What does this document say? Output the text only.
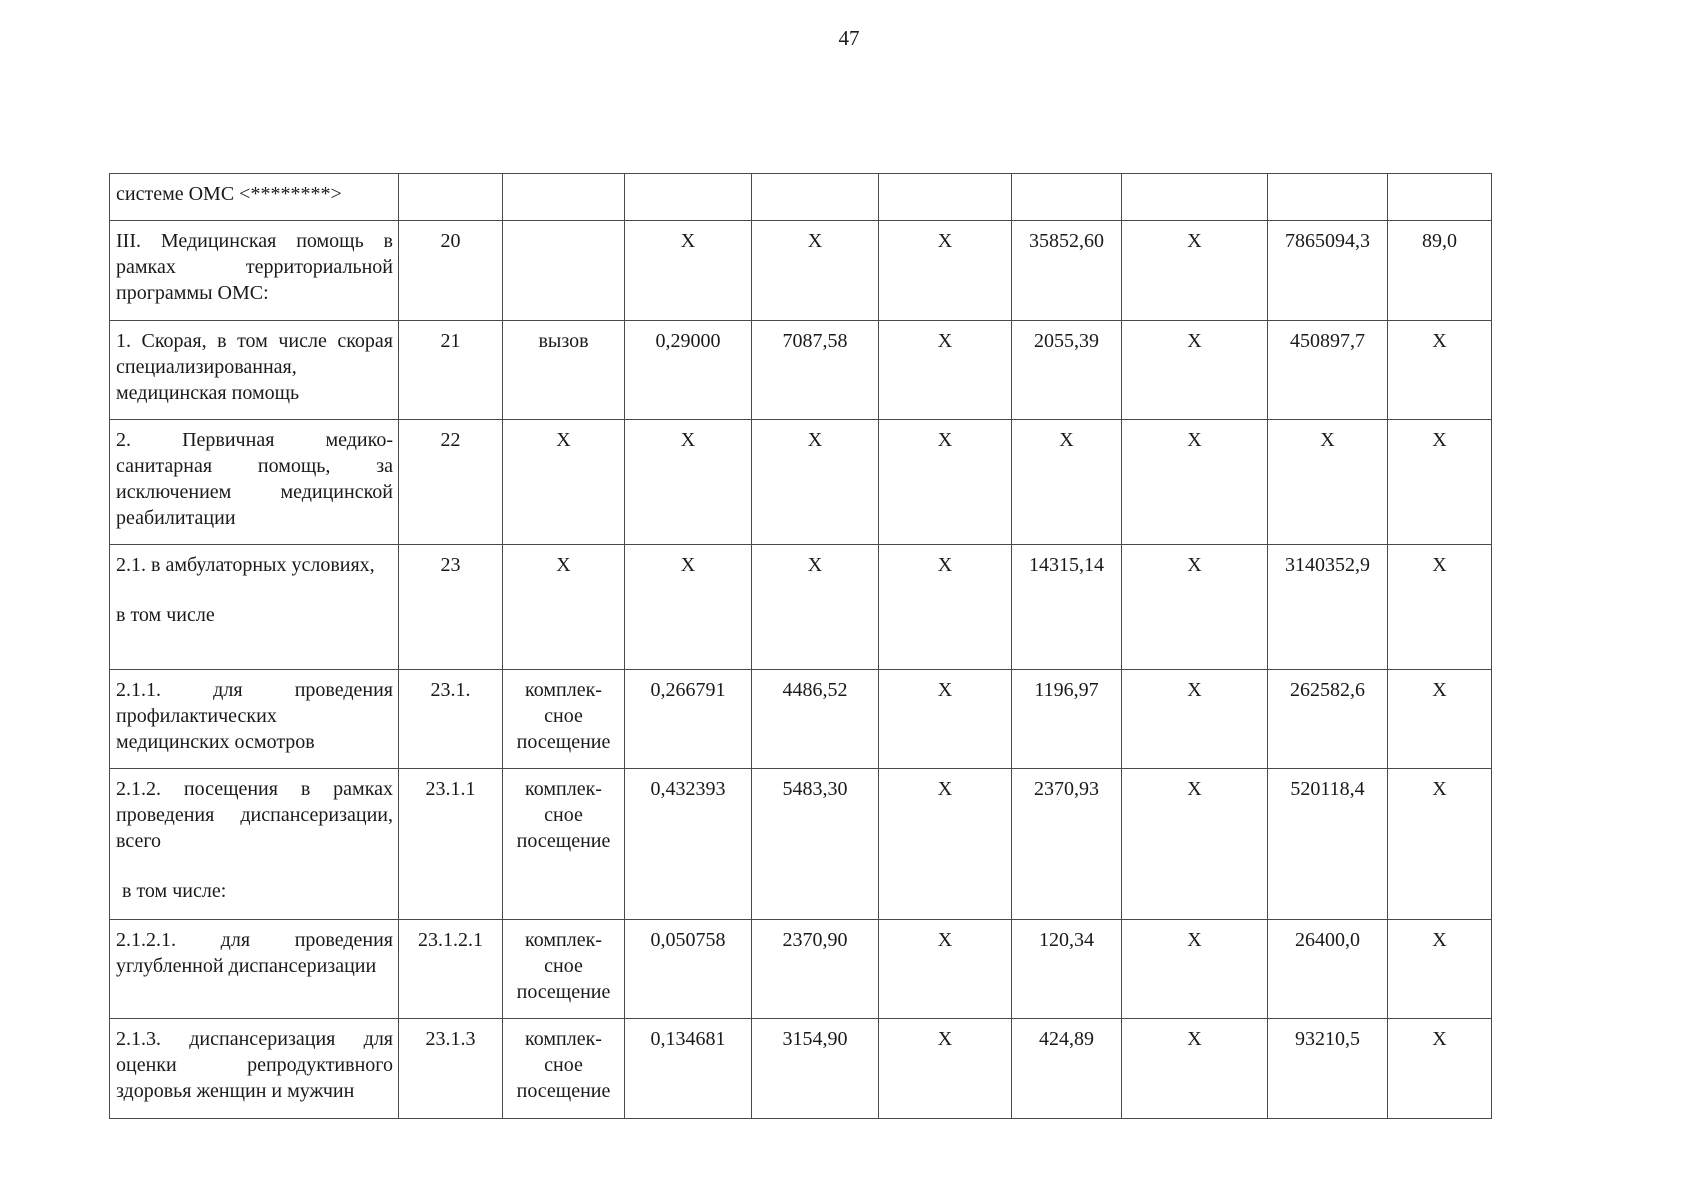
47
системе ОМС <********>									
III. Медицинская помощь в рамках территориальной программы ОМС:	20		Х	Х	Х	35852,60	Х	7865094,3	89,0
1. Скорая, в том числе скорая специализированная, медицинская помощь	21	вызов	0,29000	7087,58	Х	2055,39	Х	450897,7	Х
2. Первичная медико-санитарная помощь, за исключением медицинской реабилитации	22	Х	Х	Х	Х	Х	Х	Х	Х
2.1. в амбулаторных условиях,
в том числе	23	Х	Х	Х	Х	14315,14	Х	3140352,9	Х
2.1.1. для проведения профилактических медицинских осмотров	23.1.	комплек-сное посещение	0,266791	4486,52	Х	1196,97	Х	262582,6	Х
2.1.2. посещения в рамках проведения диспансеризации, всего
в том числе:	23.1.1	комплек-сное посещение	0,432393	5483,30	Х	2370,93	Х	520118,4	Х
2.1.2.1. для проведения углубленной диспансеризации	23.1.2.1	комплек-сное посещение	0,050758	2370,90	Х	120,34	Х	26400,0	Х
2.1.3. диспансеризация для оценки репродуктивного здоровья женщин и мужчин	23.1.3	комплек-сное посещение	0,134681	3154,90	Х	424,89	Х	93210,5	Х
